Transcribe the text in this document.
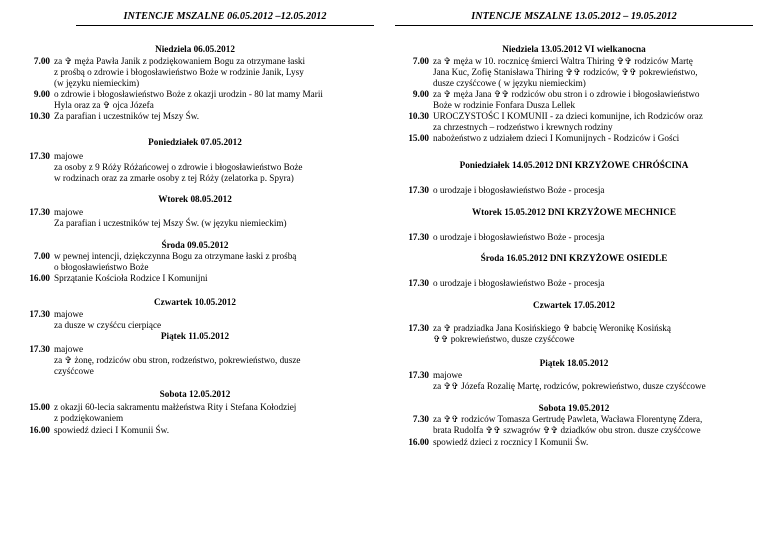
INTENCJE MSZALNE 06.05.2012 –12.05.2012
Niedziela 06.05.2012
7.00 za ✞ męża Pawła Janik z podziękowaniem Bogu za otrzymane łaski
z prośbą o zdrowie i błogosławieństwo Boże w rodzinie Janik, Lysy
(w języku niemieckim)
9.00 o zdrowie i błogosławieństwo Boże z okazji urodzin - 80 lat mamy Marii
Hyla oraz za ✞ ojca Józefa
10.30 Za parafian i uczestników tej Mszy Św.
Poniedziałek 07.05.2012
17.30 majowe
za osoby z 9 Róży Różańcowej o zdrowie i błogosławieństwo Boże
w rodzinach oraz za zmarłe osoby z tej Róży (zelatorka p. Spyra)
Wtorek 08.05.2012
17.30 majowe
Za parafian i uczestników tej Mszy Św. (w języku niemieckim)
Środa 09.05.2012
7.00 w pewnej intencji, dziękczynna Bogu za otrzymane łaski z prośbą
o błogosławieństwo Boże
16.00 Sprzątanie Kościoła Rodzice I Komunijni
Czwartek 10.05.2012
17.30 majowe
za dusze w czyśćcu cierpiące
Piątek 11.05.2012
17.30 majowe
za ✞ żonę, rodziców obu stron, rodzeństwo, pokrewieństwo, dusze
czyśćcowe
Sobota 12.05.2012
15.00 z okazji 60-lecia sakramentu małżeństwa Rity i Stefana Kołodziej
z podziękowaniem
16.00 spowiedź dzieci I Komunii Św.
INTENCJE MSZALNE 13.05.2012 – 19.05.2012
Niedziela 13.05.2012 VI wielkanocna
7.00 za ✞ męża w 10. rocznicę śmierci Waltra Thiring ✞✞ rodziców Martę
Jana Kuc, Zofię Stanisława Thiring ✞✞ rodziców, ✞✞ pokrewieństwo,
dusze czyśćcowe ( w języku niemieckim)
9.00 za ✞ męża Jana ✞✞ rodziców obu stron i o zdrowie i błogosławieństwo
Boże w rodzinie Fonfara Dusza Lellek
10.30 UROCZYSTOŚC I KOMUNII - za dzieci komunijne, ich Rodziców oraz
za chrzestnych – rodzeństwo i krewnych rodziny
15.00 nabożeństwo z udziałem dzieci I Komunijnych - Rodziców i Gości
Poniedziałek 14.05.2012 DNI KRZYŻOWE CHRÓŚCINA
17.30 o urodzaje i błogosławieństwo Boże - procesja
Wtorek 15.05.2012 DNI KRZYŻOWE MECHNICE
17.30 o urodzaje i błogosławieństwo Boże - procesja
Środa 16.05.2012 DNI KRZYŻOWE OSIEDLE
17.30 o urodzaje i błogosławieństwo Boże - procesja
Czwartek 17.05.2012
17.30 za ✞ pradziadka Jana Kosińskiego ✞ babcię Weronikę Kosińską
✞✞ pokrewieństwo, dusze czyśćcowe
Piątek 18.05.2012
17.30 majowe
za ✞✞ Józefa Rozalię Martę, rodziców, pokrewieństwo, dusze czyśćcowe
Sobota 19.05.2012
7.30 za ✞✞ rodziców Tomasza Gertrudę Pawleta, Wacława Florentynę Zdera,
brata Rudolfa ✞✞ szwagrów ✞✞ dziadków obu stron. dusze czyśćcowe
16.00 spowiedź dzieci z rocznicy I Komunii Św.
